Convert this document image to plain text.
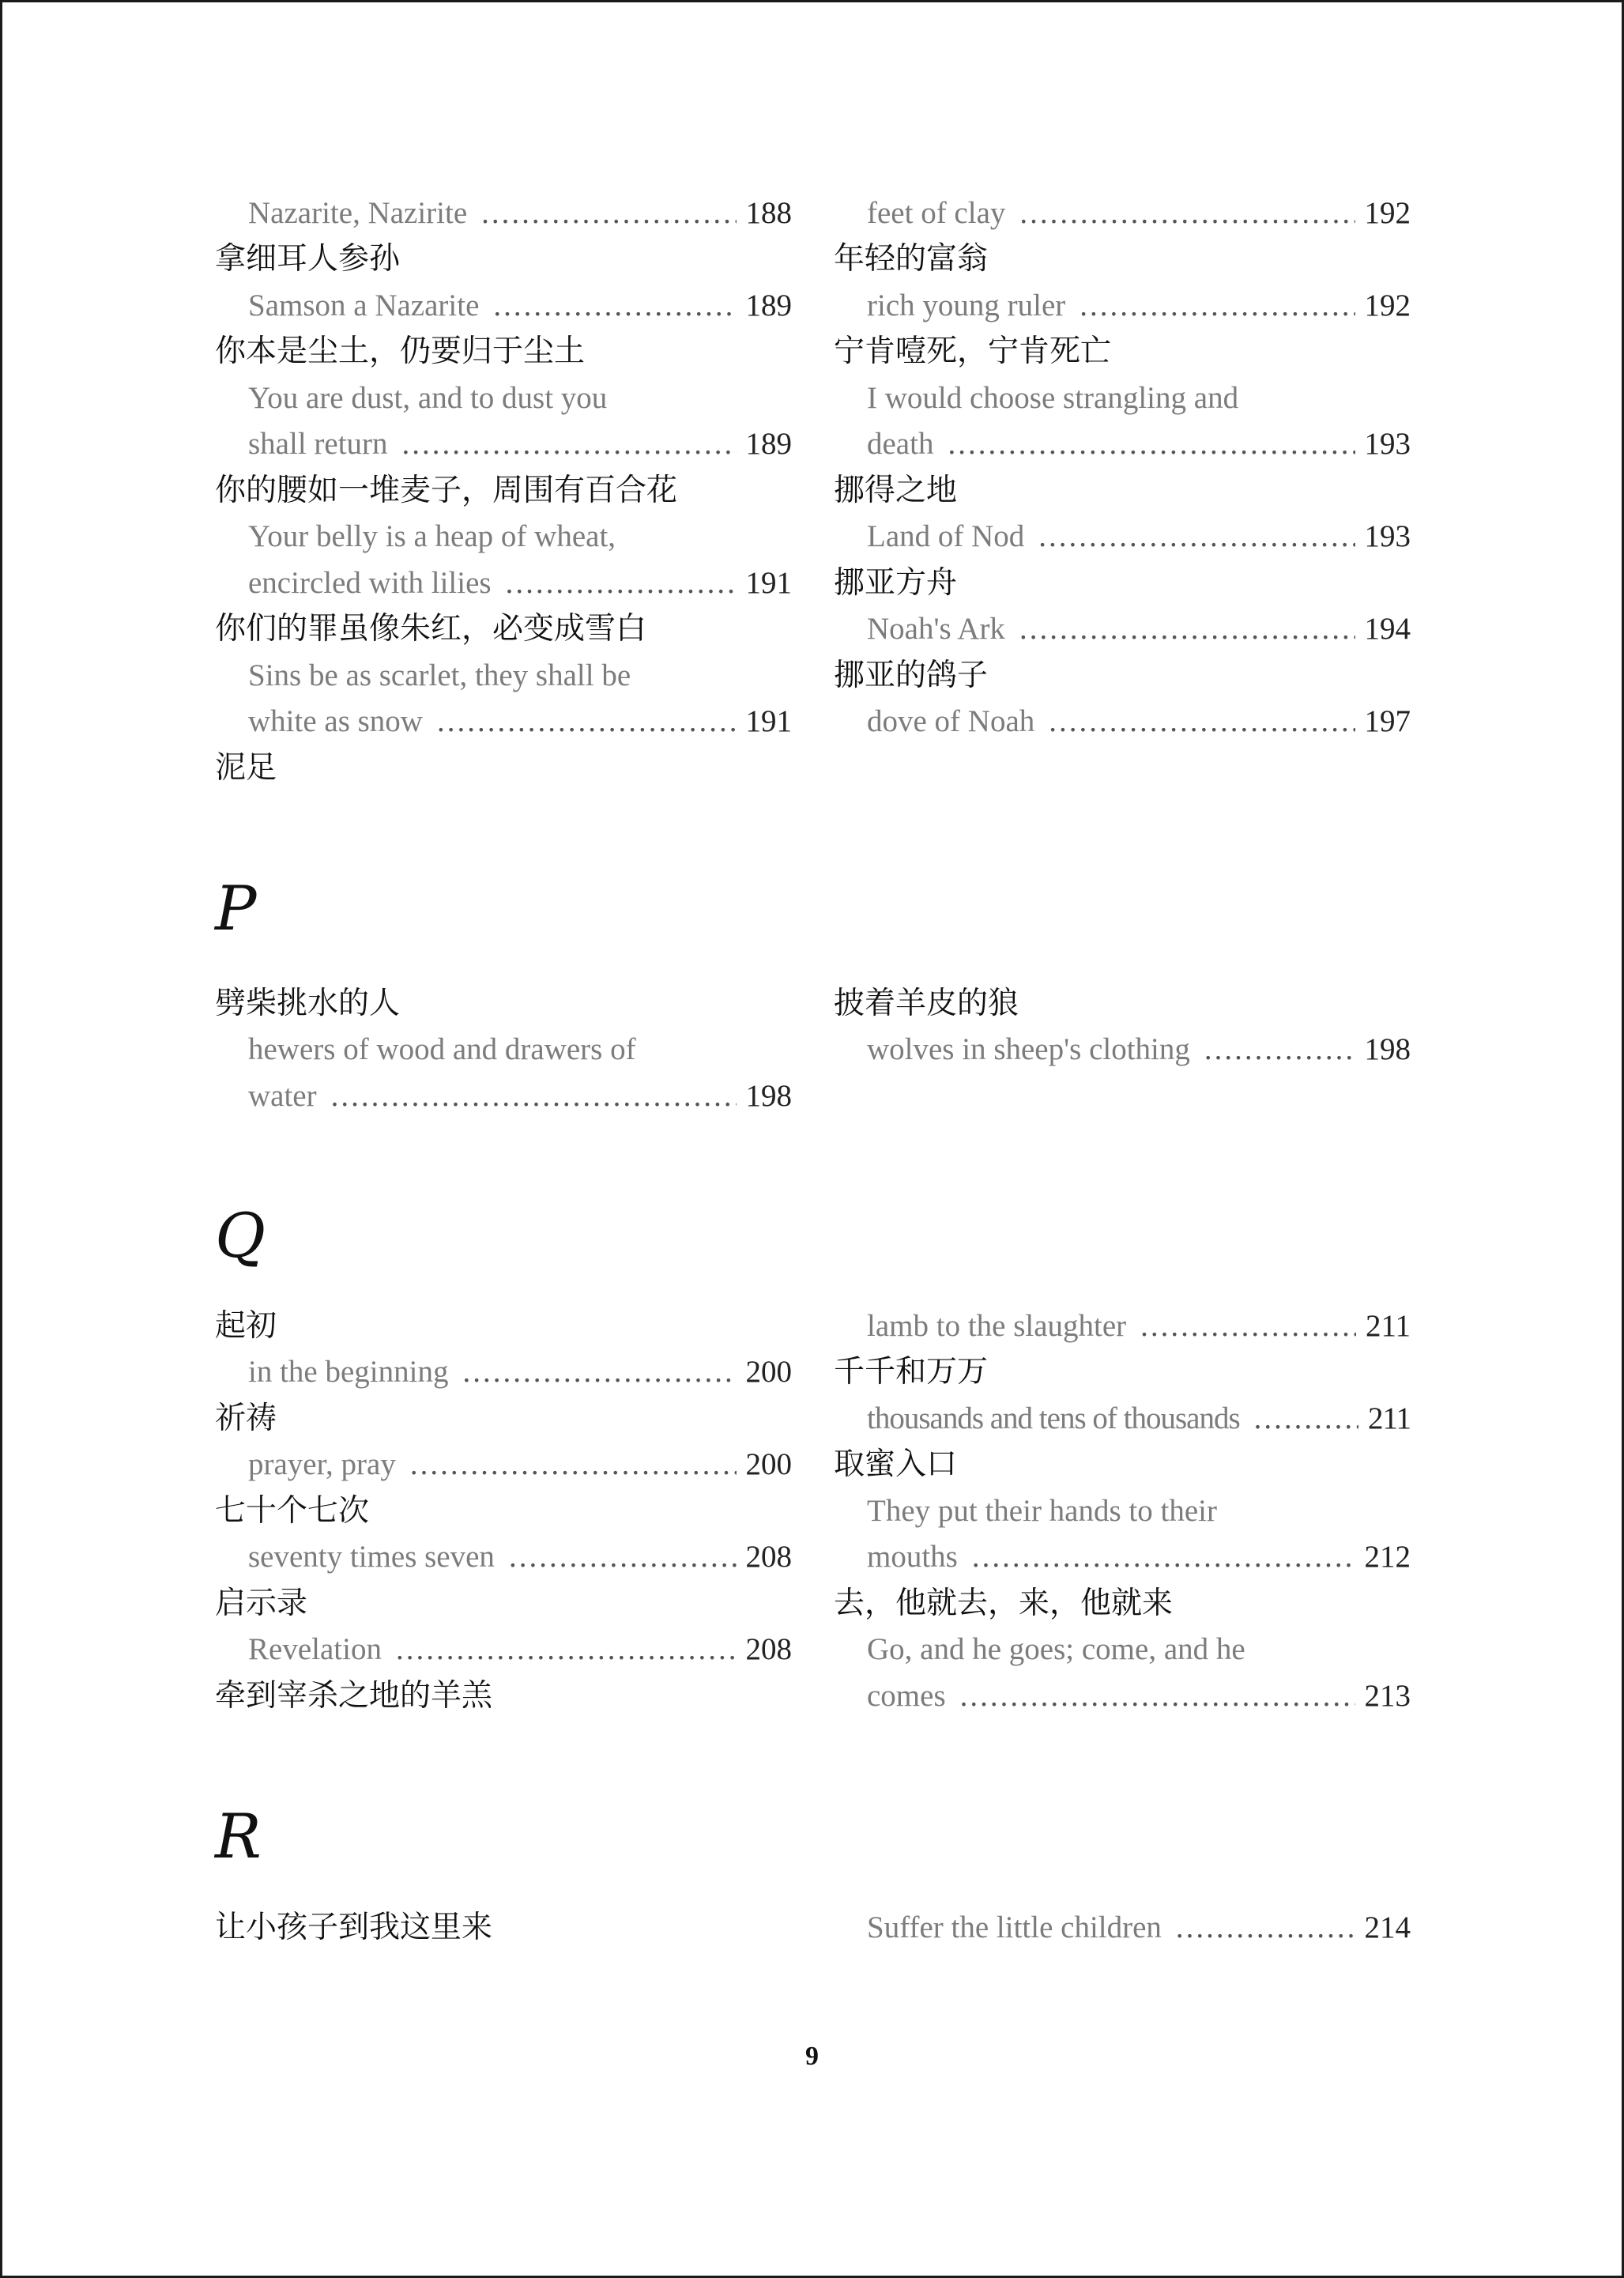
Nazarite, Nazirite .....	188
拿细耳人参孙
Samson a Nazarite .....	189
你本是尘土，仍要归于尘土
You are dust, and to dust you
shall return .....	189
你的腰如一堆麦子，周围有百合花
Your belly is a heap of wheat,
encircled with lilies .....	191
你们的罪虽像朱红，必变成雪白
Sins be as scarlet, they shall be
white as snow .....	191
泥足
feet of clay .....	192
年轻的富翁
rich young ruler .....	192
宁肯噎死，宁肯死亡
I would choose strangling and
death .....	193
挪得之地
Land of Nod .....	193
挪亚方舟
Noah's Ark .....	194
挪亚的鸽子
dove of Noah .....	197
P
劈柴挑水的人
hewers of wood and drawers of
water .....	198
披着羊皮的狼
wolves in sheep's clothing .....	198
Q
起初
in the beginning .....	200
祈祷
prayer, pray .....	200
七十个七次
seventy times seven .....	208
启示录
Revelation .....	208
牵到宰杀之地的羊羔
lamb to the slaughter .....	211
千千和万万
thousands and tens of thousands .....	211
取蜜入口
They put their hands to their
mouths .....	212
去，他就去，来，他就来
Go, and he goes; come, and he
comes .....	213
R
让小孩子到我这里来	Suffer the little children .....	214
9
